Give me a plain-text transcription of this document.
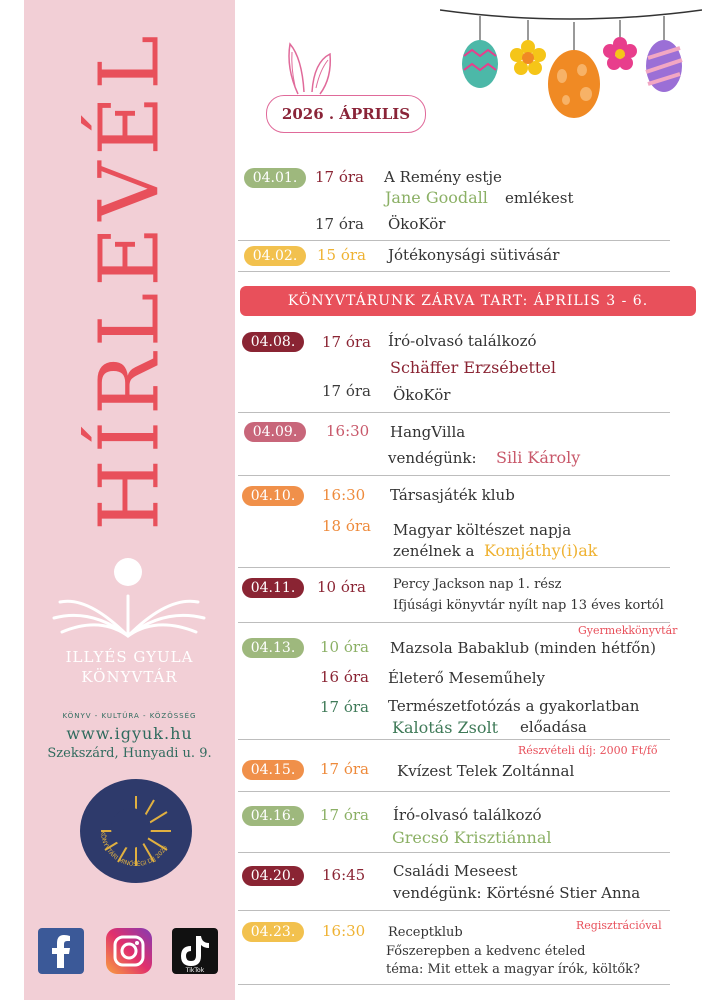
HÍRLEVÉL
ILLYÉS GYULA
KÖNYVTÁR
KÖNYV - KULTÚRA - KÖZÖSSÉG
www.igyuk.hu
Szekszárd, Hunyadi u. 9.
KÖNYVTÁRI MINŐSÉGI DÍJ 2025
TikTok
2026 . ÁPRILIS
04.01.	17 óra A Remény estje
Jane Goodall emlékest
17 óra ÖkoKör
04.02.	15 óra Jótékonysági sütivásár
KÖNYVTÁRUNK ZÁRVA TART: ÁPRILIS 3 - 6.
04.08.	17 óra Író-olvasó találkozó
Schäffer Erzsébettel
17 óra ÖkoKör
04.09.	16:30 HangVilla
vendégünk: Sili Károly
04.10.	16:30 Társasjáték klub
18 óra Magyar költészet napja
zenélnek a Komjáthy(i)ak
04.11.	10 óra Percy Jackson nap 1. rész
Ifjúsági könyvtár nyílt nap 13 éves kortól
Gyermekkönyvtár
04.13.	10 óra Mazsola Babaklub (minden hétfőn)
16 óra Életerő Meseműhely
17 óra Természetfotózás a gyakorlatban
Kalotás Zsolt előadása
Részvételi díj: 2000 Ft/fő
04.15.	17 óra Kvízest Telek Zoltánnal
04.16.	17 óra Író-olvasó találkozó
Grecsó Krisztiánnal
04.20.	16:45 Családi Meseest
vendégünk: Körtésné Stier Anna
Regisztrációval
04.23.	16:30 Receptklub
Főszerepben a kedvenc ételed
téma: Mit ettek a magyar írók, költők?
